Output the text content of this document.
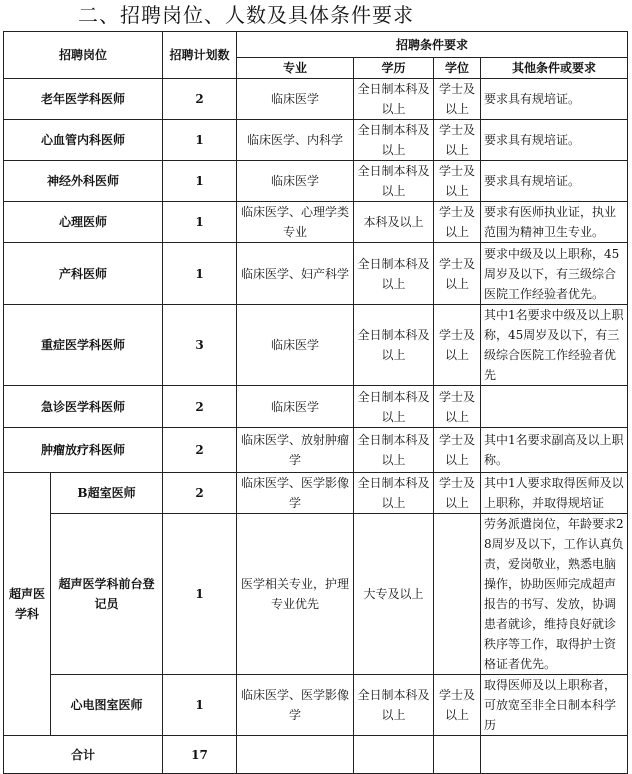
二、招聘岗位、人数及具体条件要求
招聘岗位		招聘计划数	招聘条件要求			
			专业	学历	学位	其他条件或要求
老年医学科医师		2	临床医学	全日制本科及以上	学士及以上	要求具有规培证。
心血管内科医师		1	临床医学、内科学	全日制本科及以上	学士及以上	要求具有规培证。
神经外科医师		1	临床医学	全日制本科及以上	学士及以上	要求具有规培证。
心理医师		1	临床医学、心理学类专业	本科及以上	学士及以上	要求有医师执业证，执业范围为精神卫生专业。
产科医师		1	临床医学、妇产科学	全日制本科及以上	学士及以上	要求中级及以上职称，45周岁及以下，有三级综合医院工作经验者优先。
重症医学科医师		3	临床医学	全日制本科及以上	学士及以上	其中1名要求中级及以上职称，45周岁及以下，有三级综合医院工作经验者优先
急诊医学科医师		2	临床医学	全日制本科及以上	学士及以上	
肿瘤放疗科医师		2	临床医学、放射肿瘤学	全日制本科及以上	学士及以上	其中1名要求副高及以上职称。
超声医学科	B超室医师	2	临床医学、医学影像学	全日制本科及以上	学士及以上	其中1人要求取得医师及以上职称，并取得规培证
	超声医学科前台登记员	1	医学相关专业，护理专业优先	大专及以上		劳务派遣岗位，年龄要求28周岁及以下，工作认真负责，爱岗敬业，熟悉电脑操作，协助医师完成超声报告的书写、发放，协调患者就诊，维持良好就诊秩序等工作，取得护士资格证者优先。
	心电图室医师	1	临床医学、医学影像学	全日制本科及以上	学士及以上	取得医师及以上职称者，可放宽至非全日制本科学历
合计		17				
